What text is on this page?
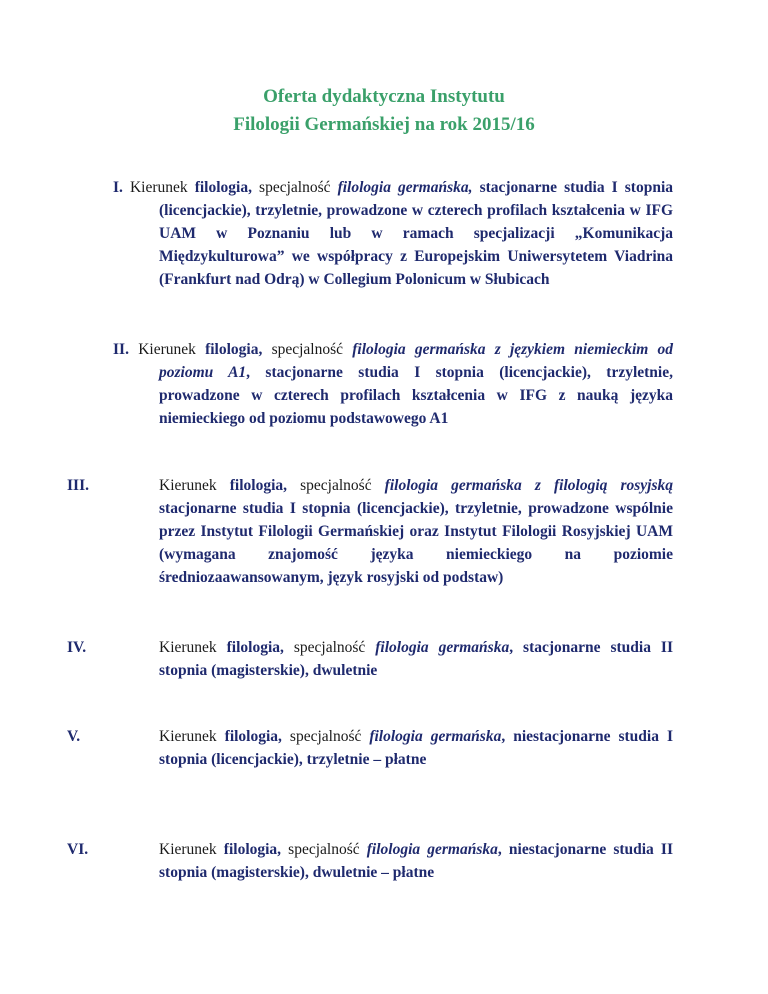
Oferta dydaktyczna Instytutu
Filologii Germańskiej na rok 2015/16
I. Kierunek filologia, specjalność filologia germańska, stacjonarne studia I stopnia (licencjackie), trzyletnie, prowadzone w czterech profilach kształcenia w IFG UAM w Poznaniu lub w ramach specjalizacji „Komunikacja Międzykulturowa” we współpracy z Europejskim Uniwersytetem Viadrina (Frankfurt nad Odrą) w Collegium Polonicum w Słubicach
II. Kierunek filologia, specjalność filologia germańska z językiem niemieckim od poziomu A1, stacjonarne studia I stopnia (licencjackie), trzyletnie, prowadzone w czterech profilach kształcenia w IFG z nauką języka niemieckiego od poziomu podstawowego A1
III.	Kierunek filologia, specjalność filologia germańska z filologią rosyjską stacjonarne studia I stopnia (licencjackie), trzyletnie, prowadzone wspólnie przez Instytut Filologii Germańskiej oraz Instytut Filologii Rosyjskiej UAM (wymagana znajomość języka niemieckiego na poziomie średniozaawansowanym, język rosyjski od podstaw)
IV.	Kierunek filologia, specjalność filologia germańska, stacjonarne studia II stopnia (magisterskie), dwuletnie
V.	Kierunek filologia, specjalność filologia germańska, niestacjonarne studia I stopnia (licencjackie), trzyletnie – płatne
VI.	Kierunek filologia, specjalność filologia germańska, niestacjonarne studia II stopnia (magisterskie), dwuletnie – płatne
